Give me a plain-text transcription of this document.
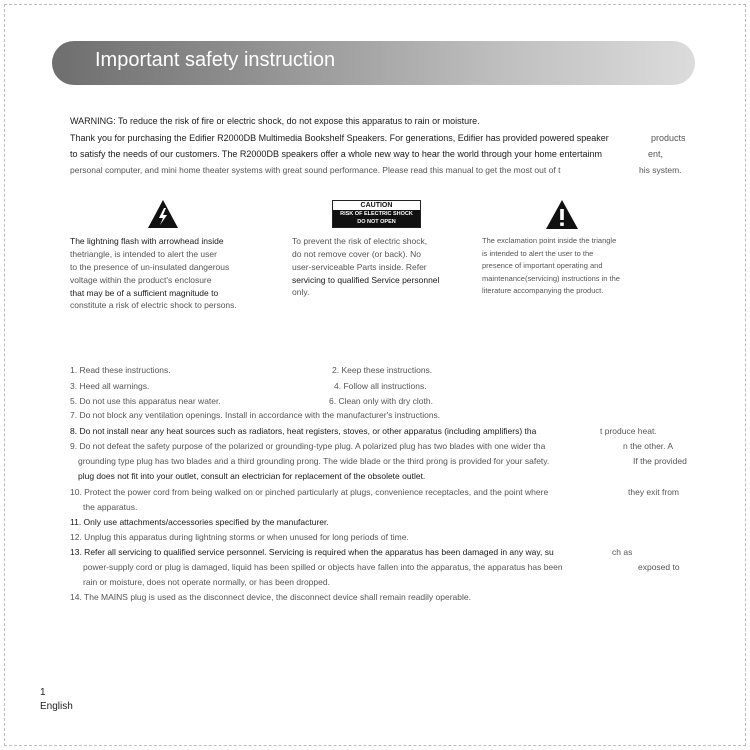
Important safety instruction
WARNING: To reduce the risk of fire or electric shock, do not expose this apparatus to rain or moisture.
Thank you for purchasing the Edifier R2000DB Multimedia Bookshelf Speakers. For generations, Edifier has provided powered speaker	products
to satisfy the needs of our customers. The R2000DB speakers offer a whole new way to hear the world through your home entertainm	ent,
personal computer, and mini home theater systems with great sound performance. Please read this manual to get the most out of t	his system.
CAUTION
RISK OF ELECTRIC SHOCK
DO NOT OPEN
The lightning flash with arrowhead inside
thetriangle, is intended to alert the user
to the presence of un-insulated dangerous
voltage within the product's enclosure
that may be of a sufficient magnitude to
constitute a risk of electric shock to persons.
To prevent the risk of electric shock,
do not remove cover (or back). No
user-serviceable Parts inside. Refer
servicing to qualified Service personnel
only.
The exclamation point inside the triangle
is intended to alert the user to the
presence of important operating and
maintenance(servicing) instructions in the
literature accompanying the product.
1. Read these instructions.	2. Keep these instructions.
3. Heed all warnings.	4. Follow all instructions.
5. Do not use this apparatus near water.	6. Clean only with dry cloth.
7. Do not block any ventilation openings. Install in accordance with the manufacturer's instructions.
8. Do not install near any heat sources such as radiators, heat registers, stoves, or other apparatus (including amplifiers) tha	t produce heat.
9. Do not defeat the safety purpose of the polarized or grounding-type plug. A polarized plug has two blades with one wider tha	n the other. A
grounding type plug has two blades and a third grounding prong. The wide blade or the third prong is provided for your safety.	If the provided
plug does not fit into your outlet, consult an electrician for replacement of the obsolete outlet.
10. Protect the power cord from being walked on or pinched particularly at plugs, convenience receptacles, and the point where	they exit from
the apparatus.
11. Only use attachments/accessories specified by the manufacturer.
12. Unplug this apparatus during lightning storms or when unused for long periods of time.
13. Refer all servicing to qualified service personnel. Servicing is required when the apparatus has been damaged in any way, su	ch as
power-supply cord or plug is damaged, liquid has been spilled or objects have fallen into the apparatus, the apparatus has been	exposed to
rain or moisture, does not operate normally, or has been dropped.
14. The MAINS plug is used as the disconnect device, the disconnect device shall remain readily operable.
1
English
